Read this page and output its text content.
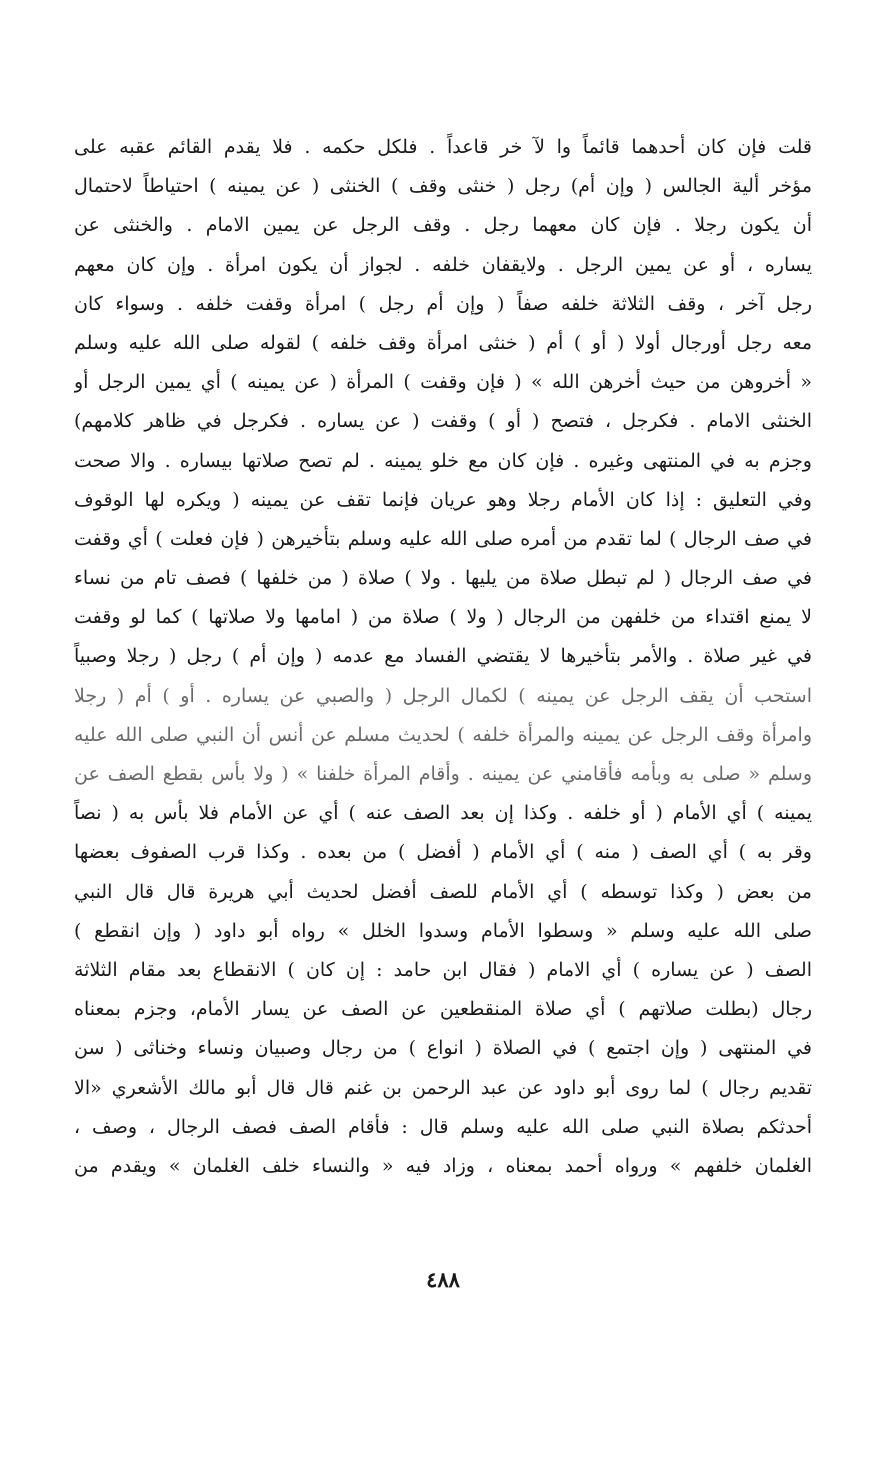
قلت فإن كان أحدهما قائماً وا لآ خر قاعداً . فلكل حكمه . فلا يقدم القائم عقبه على
مؤخر ألية الجالس ( وإن أم) رجل ( خنثى وقف ) الخنثى ( عن يمينه ) احتياطاً لاحتمال
أن يكون رجلا . فإن كان معهما رجل . وقف الرجل عن يمين الامام . والخنثى عن
يساره ، أو عن يمين الرجل . ولايقفان خلفه . لجواز أن يكون امرأة . وإن كان معهم
رجل آخر ، وقف الثلاثة خلفه صفاً ( وإن أم رجل ) امرأة وقفت خلفه . وسواء كان
معه رجل أورجال أولا ( أو ) أم ( خنثى امرأة وقف خلفه ) لقوله صلى الله عليه وسلم
« أخروهن من حيث أخرهن الله » ( فإن وقفت ) المرأة ( عن يمينه ) أي يمين الرجل أو
الخنثى الامام . فكرجل ، فتصح ( أو ) وقفت ( عن يساره . فكرجل في ظاهر كلامهم)
وجزم به في المنتهى وغيره . فإن كان مع خلو يمينه . لم تصح صلاتها بيساره . والا صحت
وفي التعليق : إذا كان الأمام رجلا وهو عريان فإنما تقف عن يمينه ( ويكره لها الوقوف
في صف الرجال ) لما تقدم من أمره صلى الله عليه وسلم بتأخيرهن ( فإن فعلت ) أي وقفت
في صف الرجال ( لم تبطل صلاة من يليها . ولا ) صلاة ( من خلفها ) فصف تام من نساء
لا يمنع اقتداء من خلفهن من الرجال ( ولا ) صلاة من ( امامها ولا صلاتها ) كما لو وقفت
في غير صلاة . والأمر بتأخيرها لا يقتضي الفساد مع عدمه ( وإن أم ) رجل ( رجلا وصبياً
استحب أن يقف الرجل عن يمينه ) لكمال الرجل ( والصبي عن يساره . أو ) أم ( رجلا
وامرأة وقف الرجل عن يمينه والمرأة خلفه ) لحديث مسلم عن أنس أن النبي صلى الله عليه
وسلم « صلى به وبأمه فأقامني عن يمينه . وأقام المرأة خلفنا » ( ولا بأس بقطع الصف عن
يمينه ) أي الأمام ( أو خلفه . وكذا إن بعد الصف عنه ) أي عن الأمام فلا بأس به ( نصاً
وقر به ) أي الصف ( منه ) أي الأمام ( أفضل ) من بعده . وكذا قرب الصفوف بعضها
من بعض ( وكذا توسطه ) أي الأمام للصف أفضل لحديث أبي هريرة قال قال النبي
صلى الله عليه وسلم « وسطوا الأمام وسدوا الخلل » رواه أبو داود ( وإن انقطع )
الصف ( عن يساره ) أي الامام ( فقال ابن حامد : إن كان ) الانقطاع بعد مقام الثلاثة
رجال (بطلت صلاتهم ) أي صلاة المنقطعين عن الصف عن يسار الأمام، وجزم بمعناه
في المنتهى ( وإن اجتمع ) في الصلاة ( انواع ) من رجال وصبيان ونساء وخناثى ( سن
تقديم رجال ) لما روى أبو داود عن عبد الرحمن بن غنم قال قال أبو مالك الأشعري «الا
أحدثكم بصلاة النبي صلى الله عليه وسلم قال : فأقام الصف فصف الرجال ، وصف ،
الغلمان خلفهم » ورواه أحمد بمعناه ، وزاد فيه « والنساء خلف الغلمان » ويقدم من
٤٨٨
